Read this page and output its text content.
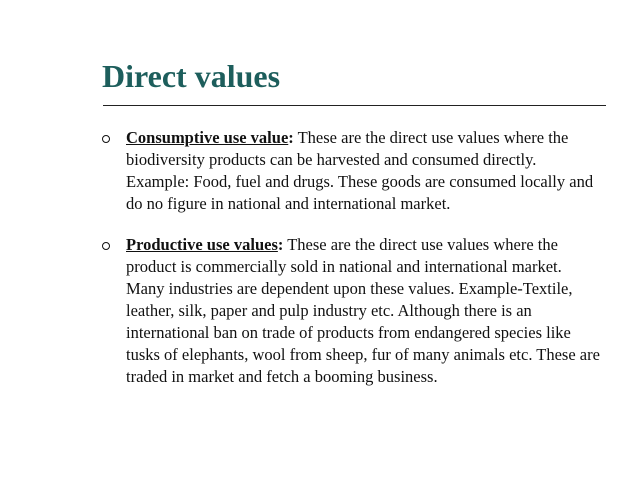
Direct values
Consumptive use value: These are the direct use values where the biodiversity products can be harvested and consumed directly. Example: Food, fuel and drugs. These goods are consumed locally and do no figure in national and international market.
Productive use values: These are the direct use values where the product is commercially sold in national and international market. Many industries are dependent upon these values. Example-Textile, leather, silk, paper and pulp industry etc. Although there is an international ban on trade of products from endangered species like tusks of elephants, wool from sheep, fur of many animals etc. These are traded in market and fetch a booming business.
